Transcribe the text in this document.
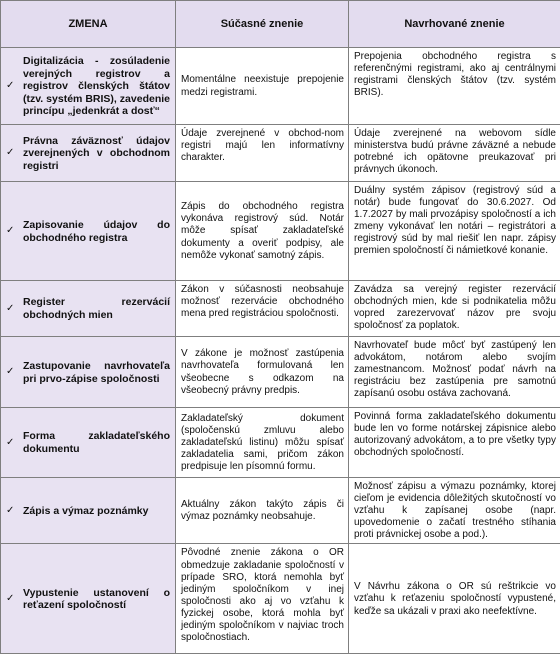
ZMENA	Súčasné znenie	Navrhované znenie

✓
Digitalizácia - zosúladenie verejných registrov a registrov členských štátov (tzv. systém BRIS), zavedenie princípu „jedenkrát a dosť“	Momentálne neexistuje prepojenie medzi registrami.	Prepojenia obchodného registra s referenčnými registrami, ako aj centrálnymi registrami členských štátov (tzv. systém BRIS).

✓
Právna záväznosť údajov zverejnených v obchodnom registri	Údaje zverejnené v obchod-nom registri majú len informatívny charakter.	Údaje zverejnené na webovom sídle ministerstva budú právne záväzné a nebude potrebné ich opätovne preukazovať pri právnych úkonoch.

✓ Zapisovanie údajov do obchodného registra	Zápis do obchodného registra vykonáva registrový súd. Notár môže spísať zakladateľské dokumenty a overiť podpisy, ale nemôže vykonať samotný zápis.	Duálny systém zápisov (registrový súd a notár) bude fungovať do 30.6.2027. Od 1.7.2027 by mali prvozápisy spoločností a ich zmeny vykonávať len notári – registrátori a registrový súd by mal riešiť len napr. zápisy premien spoločností či námietkové konanie.

✓ Register rezervácií obchodných mien	Zákon v súčasnosti neobsahuje možnosť rezervácie obchodného mena pred registráciou spoločnosti.	Zavádza sa verejný register rezervácií obchodných mien, kde si podnikatelia môžu vopred zarezervovať názov pre svoju spoločnosť za poplatok.

✓ Zastupovanie navrhovateľa pri prvo-zápise spoločnosti	V zákone je možnosť zastúpenia navrhovateľa formulovaná len všeobecne s odkazom na všeobecný právny predpis.	Navrhovateľ bude môcť byť zastúpený len advokátom, notárom alebo svojím zamestnancom. Možnosť podať návrh na registráciu bez zastúpenia pre samotnú zapísanú osobu ostáva zachovaná.

✓ Forma zakladateľského dokumentu	Zakladateľský dokument (spoločenskú zmluvu alebo zakladateľskú listinu) môžu spísať zakladatelia sami, pričom zákon predpisuje len písomnú formu.	Povinná forma zakladateľského dokumentu bude len vo forme notárskej zápisnice alebo autorizovaný advokátom, a to pre všetky typy obchodných spoločností.

✓ Zápis a výmaz poznámky	Aktuálny zákon takýto zápis či výmaz poznámky neobsahuje.	Možnosť zápisu a výmazu poznámky, ktorej cieľom je evidencia dôležitých skutočností vo vzťahu k zapísanej osobe (napr. upovedomenie o začatí trestného stíhania proti právnickej osobe a pod.).

✓ Vypustenie ustanovení o reťazení spoločností	Pôvodné znenie zákona o OR obmedzuje zakladanie spoločností v prípade SRO, ktorá nemohla byť jediným spoločníkom v inej spoločnosti ako aj vo vzťahu k fyzickej osobe, ktorá mohla byť jediným spoločníkom v najviac troch spoločnostiach.	V Návrhu zákona o OR sú reštrikcie vo vzťahu k reťazeniu spoločností vypustené, keďže sa ukázali v praxi ako neefektívne.
